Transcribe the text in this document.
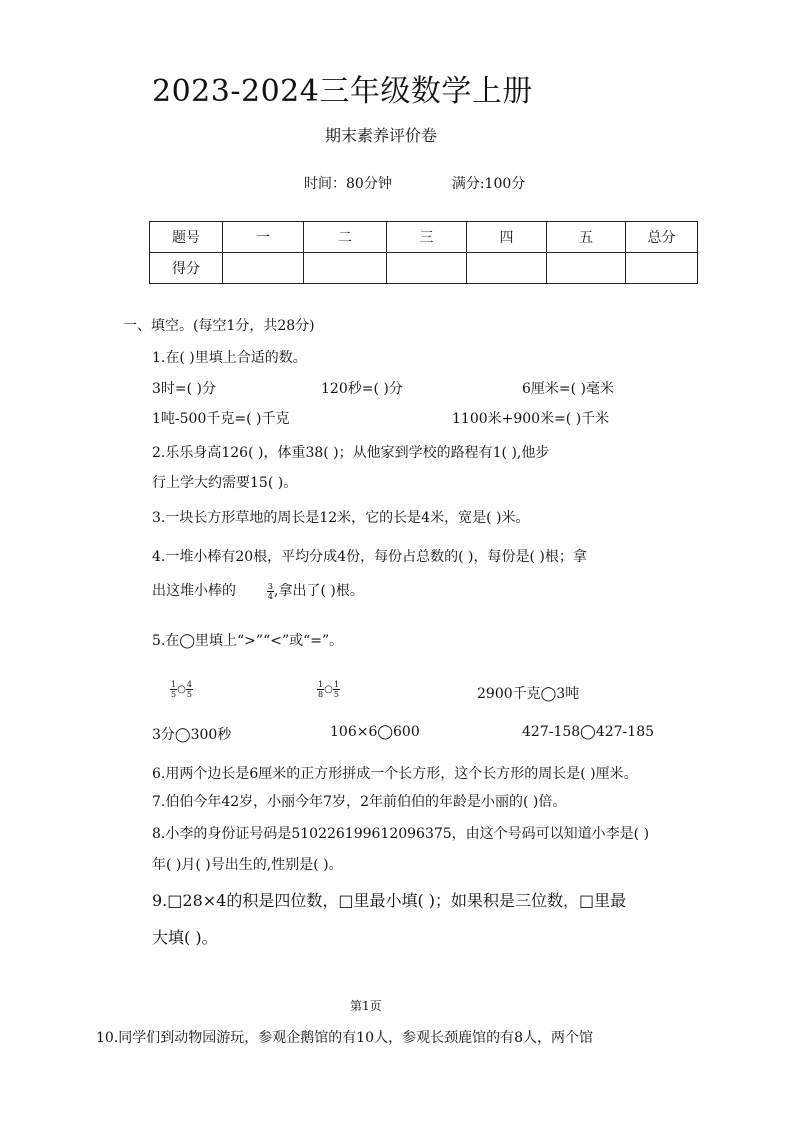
2023-2024三年级数学上册
期末素养评价卷
时间：80分钟	满分:100分
题号	一	二	三	四	五	总分
得分						
一、填空。(每空1分，共28分)
1.在( )里填上合适的数。
3时=( )分	120秒=( )分	6厘米=( )毫米
1吨-500千克=( )千克	1100米+900米=( )千米
2.乐乐身高126( )，体重38( )；从他家到学校的路程有1( ),他步
行上学大约需要15( )。
3.一块长方形草地的周长是12米，它的长是4米，宽是( )米。
4.一堆小棒有20根，平均分成4份，每份占总数的( )，每份是( )根；拿
出这堆小棒的	$\frac{3}{4}$ ,拿出了( )根。
5.在◯里填上“>”“<”或“=”。
$\frac{1}{5}$ ○ $\frac{4}{5}$	$\frac{1}{8}$ ○ $\frac{1}{5}$	2900千克◯3吨
3分◯300秒	106×6◯600	427-158◯427-185
6.用两个边长是6厘米的正方形拼成一个长方形，这个长方形的周长是( )厘米。
7.伯伯今年42岁，小丽今年7岁，2年前伯伯的年龄是小丽的( )倍。
8.小李的身份证号码是510226199612096375，由这个号码可以知道小李是( )
年( )月( )号出生的,性别是( )。
9.□28×4的积是四位数，□里最小填( )；如果积是三位数，□里最
大填( )。
第1页
10.同学们到动物园游玩，参观企鹅馆的有10人，参观长颈鹿馆的有8人，两个馆
